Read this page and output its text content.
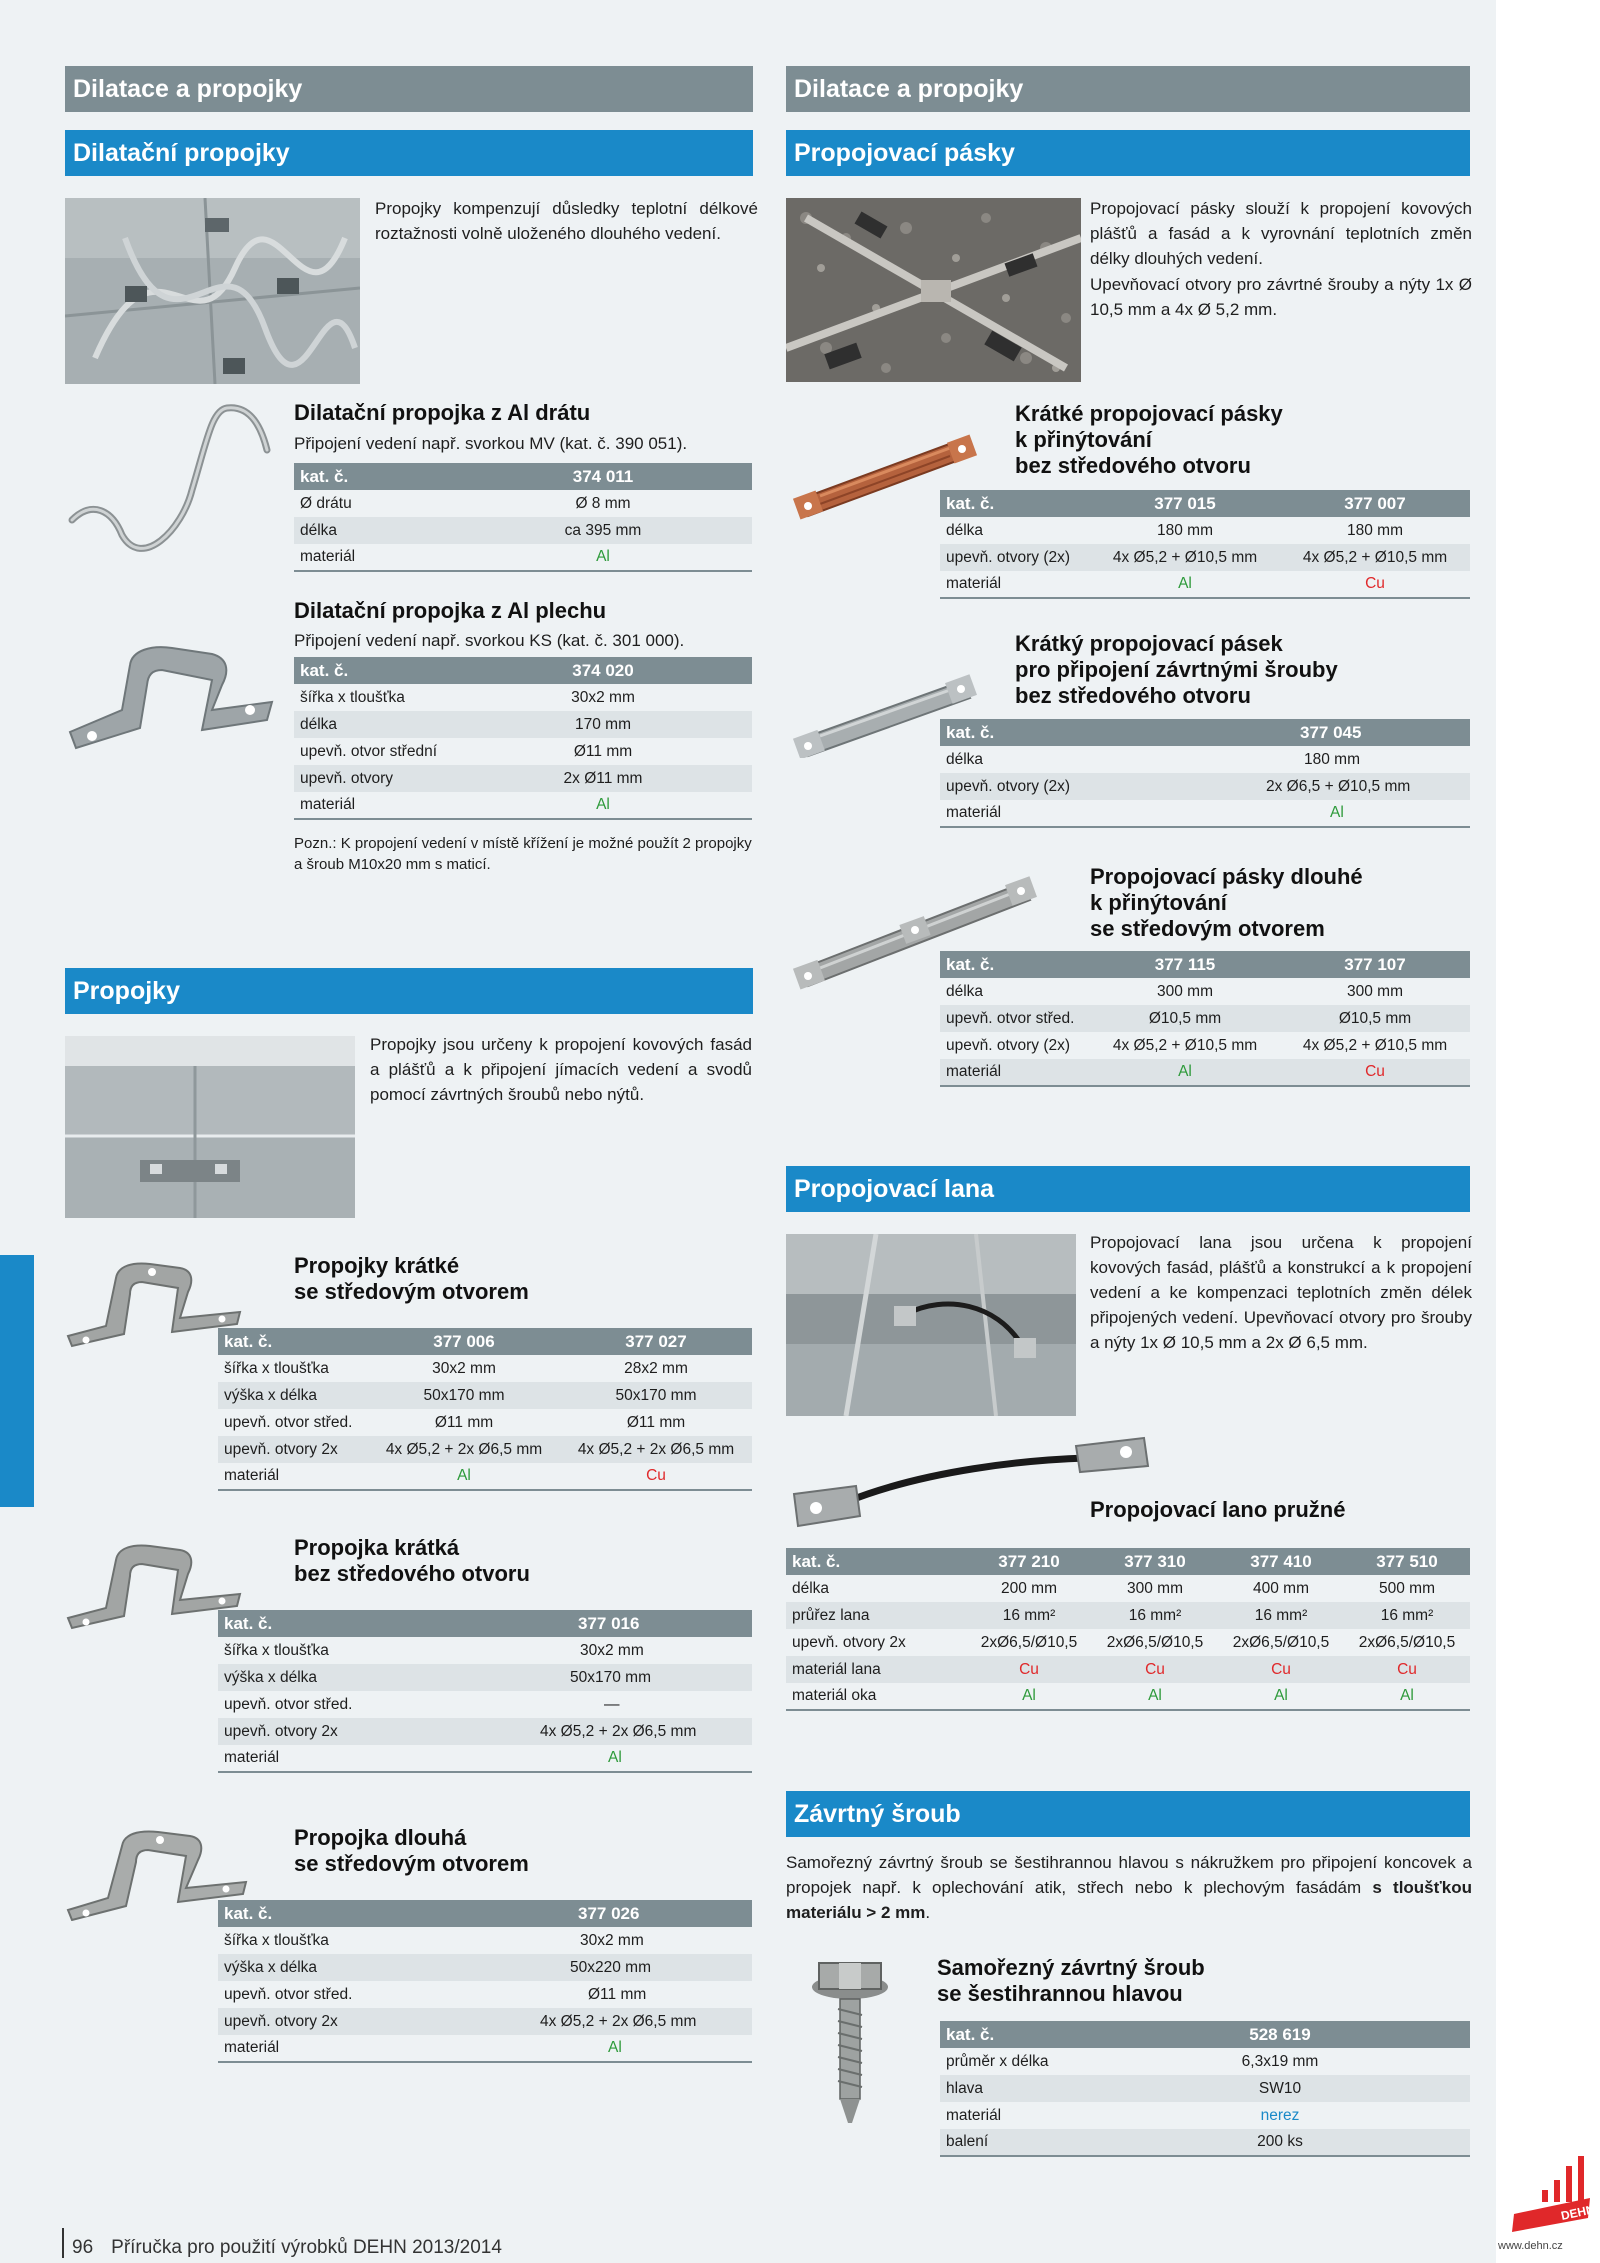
Dilatace a propojky
Dilatační propojky
Propojky kompenzují důsledky teplotní délkové roztažnosti volně uloženého dlouhého vedení.
Dilatační propojka z Al drátu
Připojení vedení např. svorkou MV (kat. č. 390 051).
kat. č.	374 011
Ø drátu	Ø 8 mm
délka	ca 395 mm
materiál	Al
Dilatační propojka z Al plechu
Připojení vedení např. svorkou KS (kat. č. 301 000).
kat. č.	374 020
šířka x tloušťka	30x2 mm
délka	170 mm
upevň. otvor střední	Ø11 mm
upevň. otvory	2x Ø11 mm
materiál	Al
Pozn.: K propojení vedení v místě křížení je možné použít 2 propojky
a šroub M10x20 mm s maticí.
Propojky
Propojky jsou určeny k propojení kovových fasád a plášťů a k připojení jímacích vedení a svodů pomocí závrtných šroubů nebo nýtů.
Propojky krátké
se středovým otvorem
kat. č.	377 006	377 027
šířka x tloušťka	30x2 mm	28x2 mm
výška x délka	50x170 mm	50x170 mm
upevň. otvor střed.	Ø11 mm	Ø11 mm
upevň. otvory 2x	4x Ø5,2 + 2x Ø6,5 mm	4x Ø5,2 + 2x Ø6,5 mm
materiál	Al	Cu
Propojka krátká
bez středového otvoru
kat. č.	377 016
šířka x tloušťka	30x2 mm
výška x délka	50x170 mm
upevň. otvor střed.	—
upevň. otvory 2x	4x Ø5,2 + 2x Ø6,5 mm
materiál	Al
Propojka dlouhá
se středovým otvorem
kat. č.	377 026
šířka x tloušťka	30x2 mm
výška x délka	50x220 mm
upevň. otvor střed.	Ø11 mm
upevň. otvory 2x	4x Ø5,2 + 2x Ø6,5 mm
materiál	Al
Dilatace a propojky
Propojovací pásky
Propojovací pásky slouží k propojení kovových plášťů a fasád a k vyrovnání teplotních změn délky dlouhých vedení.
Upevňovací otvory pro závrtné šrouby a nýty 1x Ø 10,5 mm a 4x Ø 5,2 mm.
Krátké propojovací pásky
k přinýtování
bez středového otvoru
kat. č.	377 015	377 007
délka	180 mm	180 mm
upevň. otvory (2x)	4x Ø5,2 + Ø10,5 mm	4x Ø5,2 + Ø10,5 mm
materiál	Al	Cu
Krátký propojovací pásek
pro připojení závrtnými šrouby
bez středového otvoru
kat. č.	377 045
délka	180 mm
upevň. otvory (2x)	2x Ø6,5 + Ø10,5 mm
materiál	Al
Propojovací pásky dlouhé
k přinýtování
se středovým otvorem
kat. č.	377 115	377 107
délka	300 mm	300 mm
upevň. otvor střed.	Ø10,5 mm	Ø10,5 mm
upevň. otvory (2x)	4x Ø5,2 + Ø10,5 mm	4x Ø5,2 + Ø10,5 mm
materiál	Al	Cu
Propojovací lana
Propojovací lana jsou určena k propojení kovových fasád, plášťů a konstrukcí a k propojení vedení a ke kompenzaci teplotních změn délek připojených vedení. Upevňovací otvory pro šrouby a nýty 1x Ø 10,5 mm a 2x Ø 6,5 mm.
Propojovací lano pružné
kat. č.	377 210	377 310	377 410	377 510
délka	200 mm	300 mm	400 mm	500 mm
průřez lana	16 mm²	16 mm²	16 mm²	16 mm²
upevň. otvory 2x	2xØ6,5/Ø10,5	2xØ6,5/Ø10,5	2xØ6,5/Ø10,5	2xØ6,5/Ø10,5
materiál lana	Cu	Cu	Cu	Cu
materiál oka	Al	Al	Al	Al
Závrtný šroub
Samořezný závrtný šroub se šestihrannou hlavou s nákružkem pro připojení koncovek a propojek např. k oplechování atik, střech nebo k plechovým fasádám s tloušťkou materiálu > 2 mm.
Samořezný závrtný šroub
se šestihrannou hlavou
kat. č.	528 619
průměr x délka	6,3x19 mm
hlava	SW10
materiál	nerez
balení	200 ks
96 Příručka pro použití výrobků DEHN 2013/2014
DEHN
www.dehn.cz
